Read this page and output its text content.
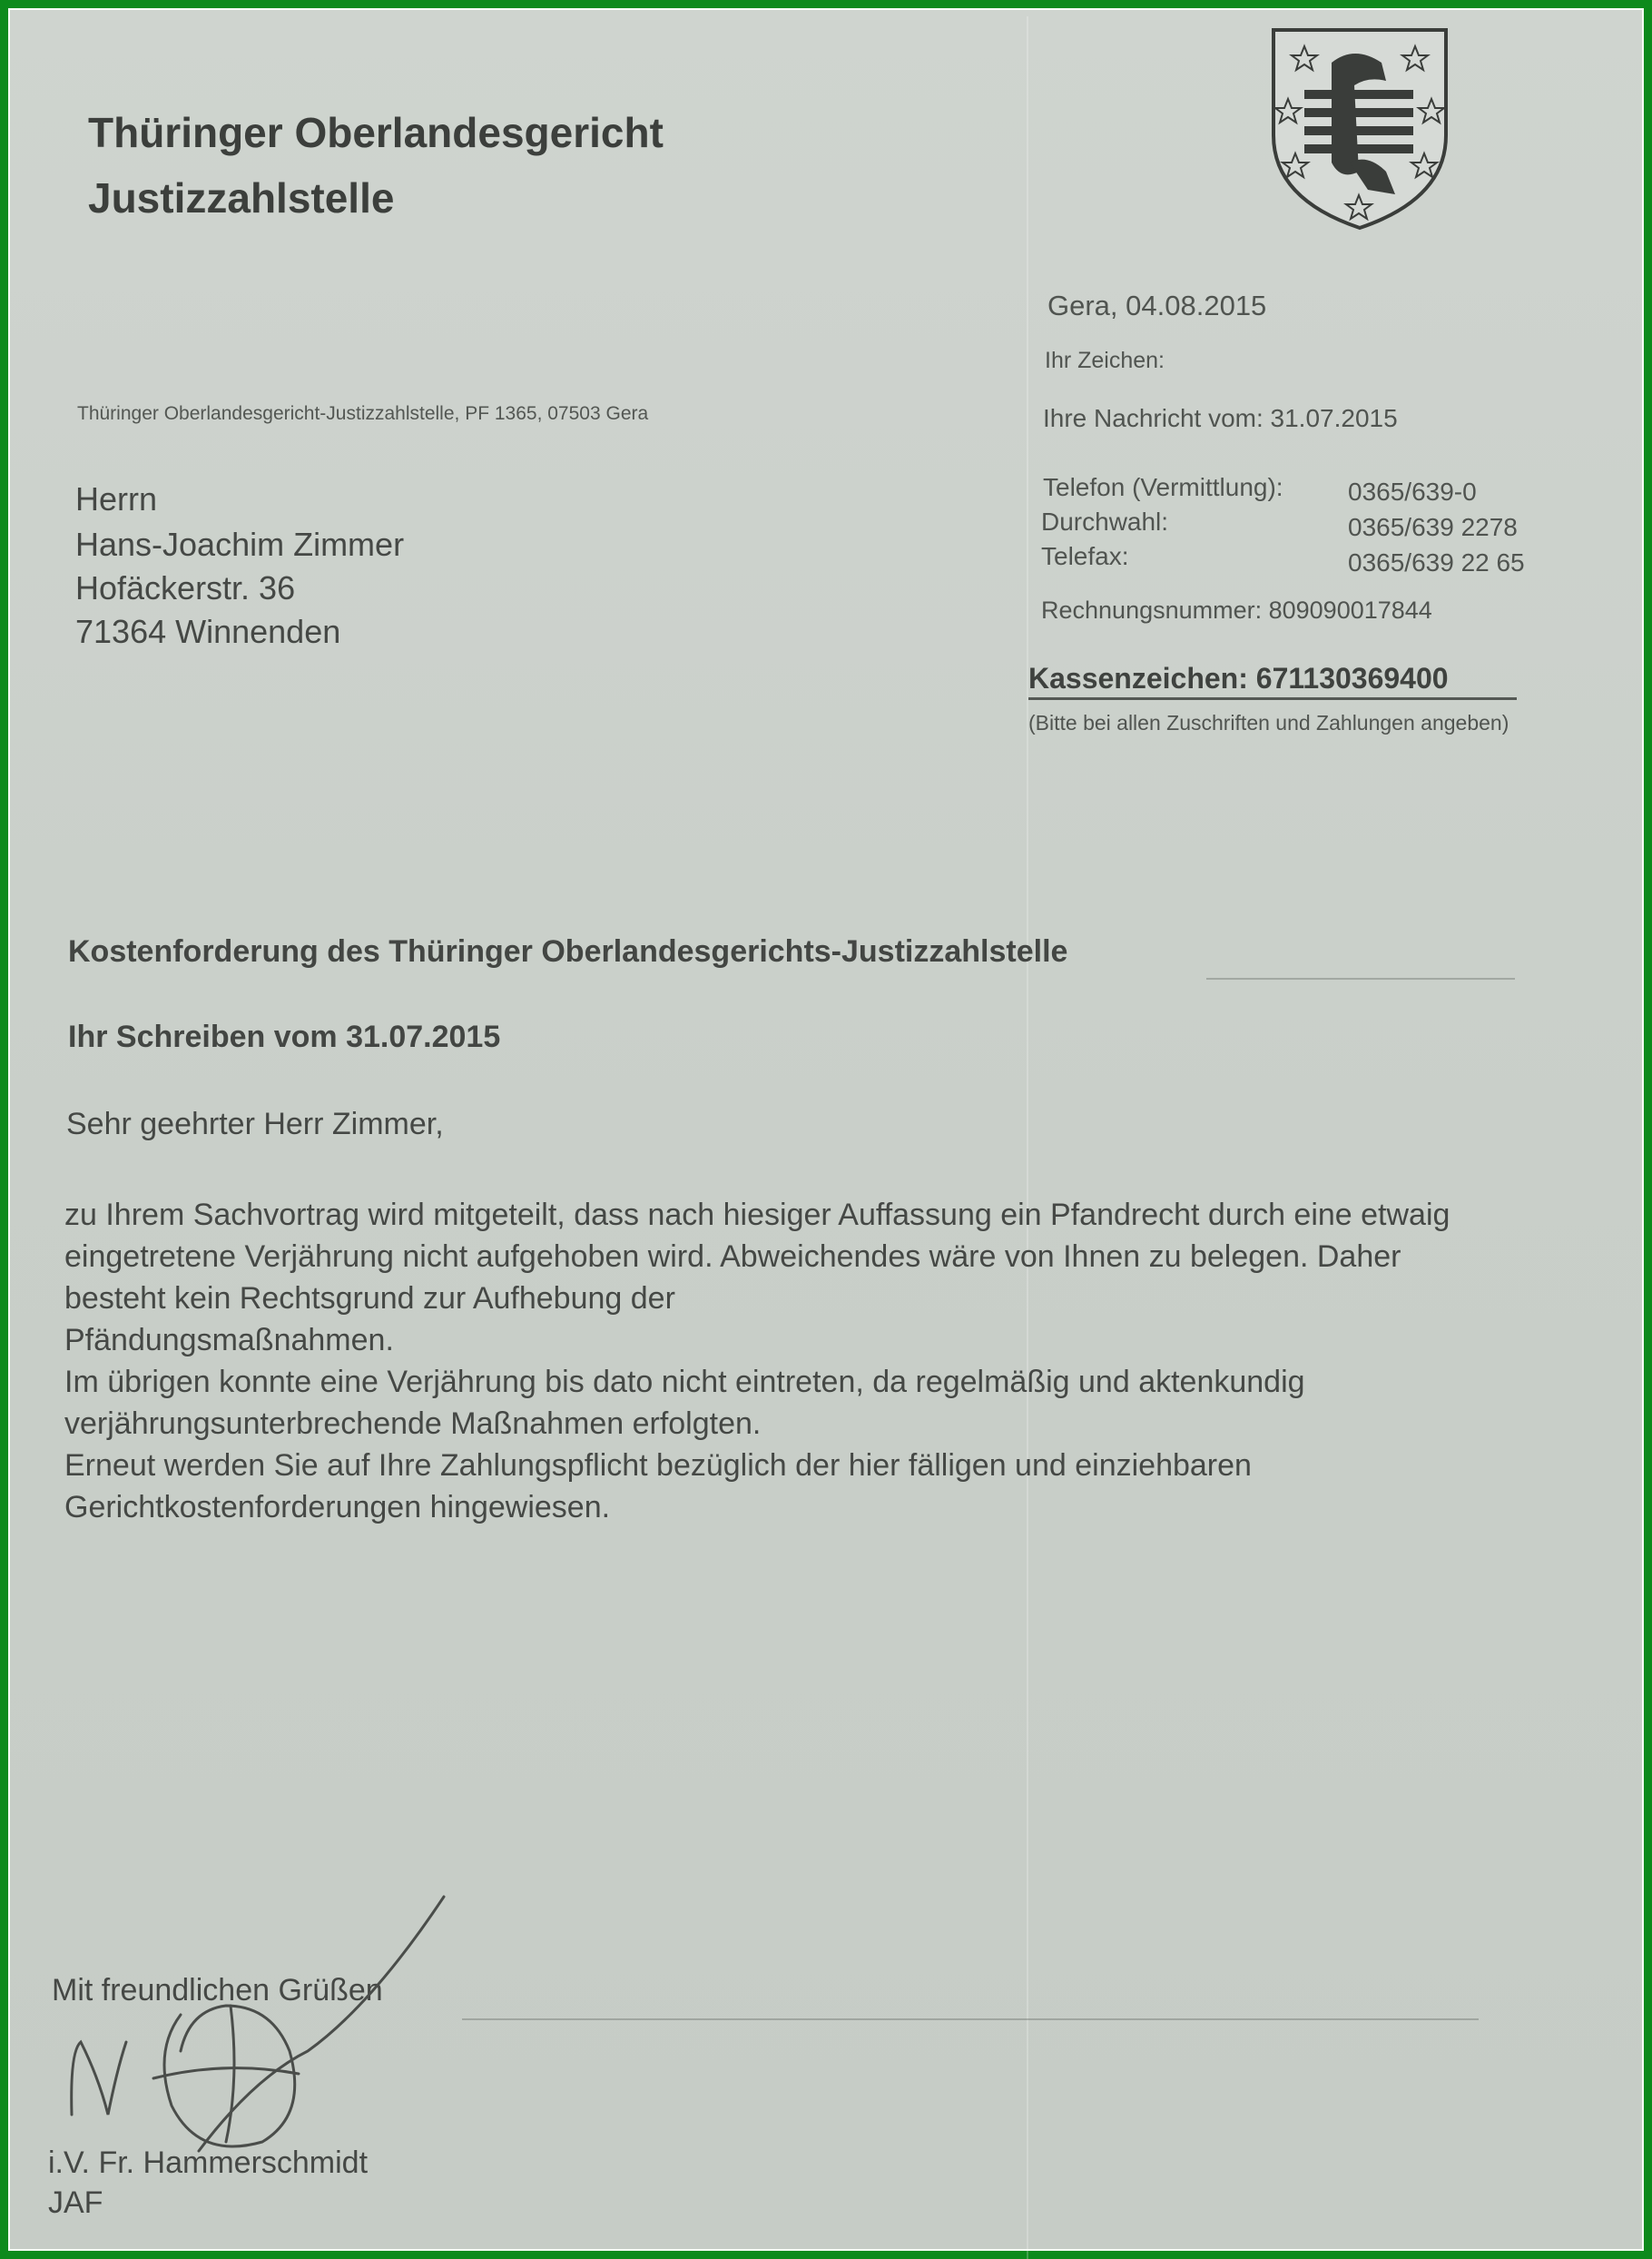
Thüringer Oberlandesgericht
Justizzahlstelle
Gera, 04.08.2015
Ihr Zeichen:
Thüringer Oberlandesgericht-Justizzahlstelle, PF 1365, 07503 Gera	Ihre Nachricht vom: 31.07.2015
Telefon (Vermittlung):	0365/639-0
Durchwahl:	0365/639 2278
Telefax:	0365/639 22 65
Rechnungsnummer: 809090017844
Kassenzeichen: 671130369400
(Bitte bei allen Zuschriften und Zahlungen angeben)
Herrn
Hans-Joachim Zimmer
Hofäckerstr. 36
71364 Winnenden
Kostenforderung des Thüringer Oberlandesgerichts-Justizzahlstelle
Ihr Schreiben vom 31.07.2015
Sehr geehrter Herr Zimmer,
zu Ihrem Sachvortrag wird mitgeteilt, dass nach hiesiger Auffassung ein Pfandrecht durch eine etwaig
eingetretene Verjährung nicht aufgehoben wird. Abweichendes wäre von Ihnen zu belegen. Daher
besteht kein Rechtsgrund zur Aufhebung der
Pfändungsmaßnahmen.
Im übrigen konnte eine Verjährung bis dato nicht eintreten, da regelmäßig und aktenkundig
verjährungsunterbrechende Maßnahmen erfolgten.
Erneut werden Sie auf Ihre Zahlungspflicht bezüglich der hier fälligen und einziehbaren
Gerichtkostenforderungen hingewiesen.
Mit freundlichen Grüßen
i.V. Fr. Hammerschmidt
JAF
